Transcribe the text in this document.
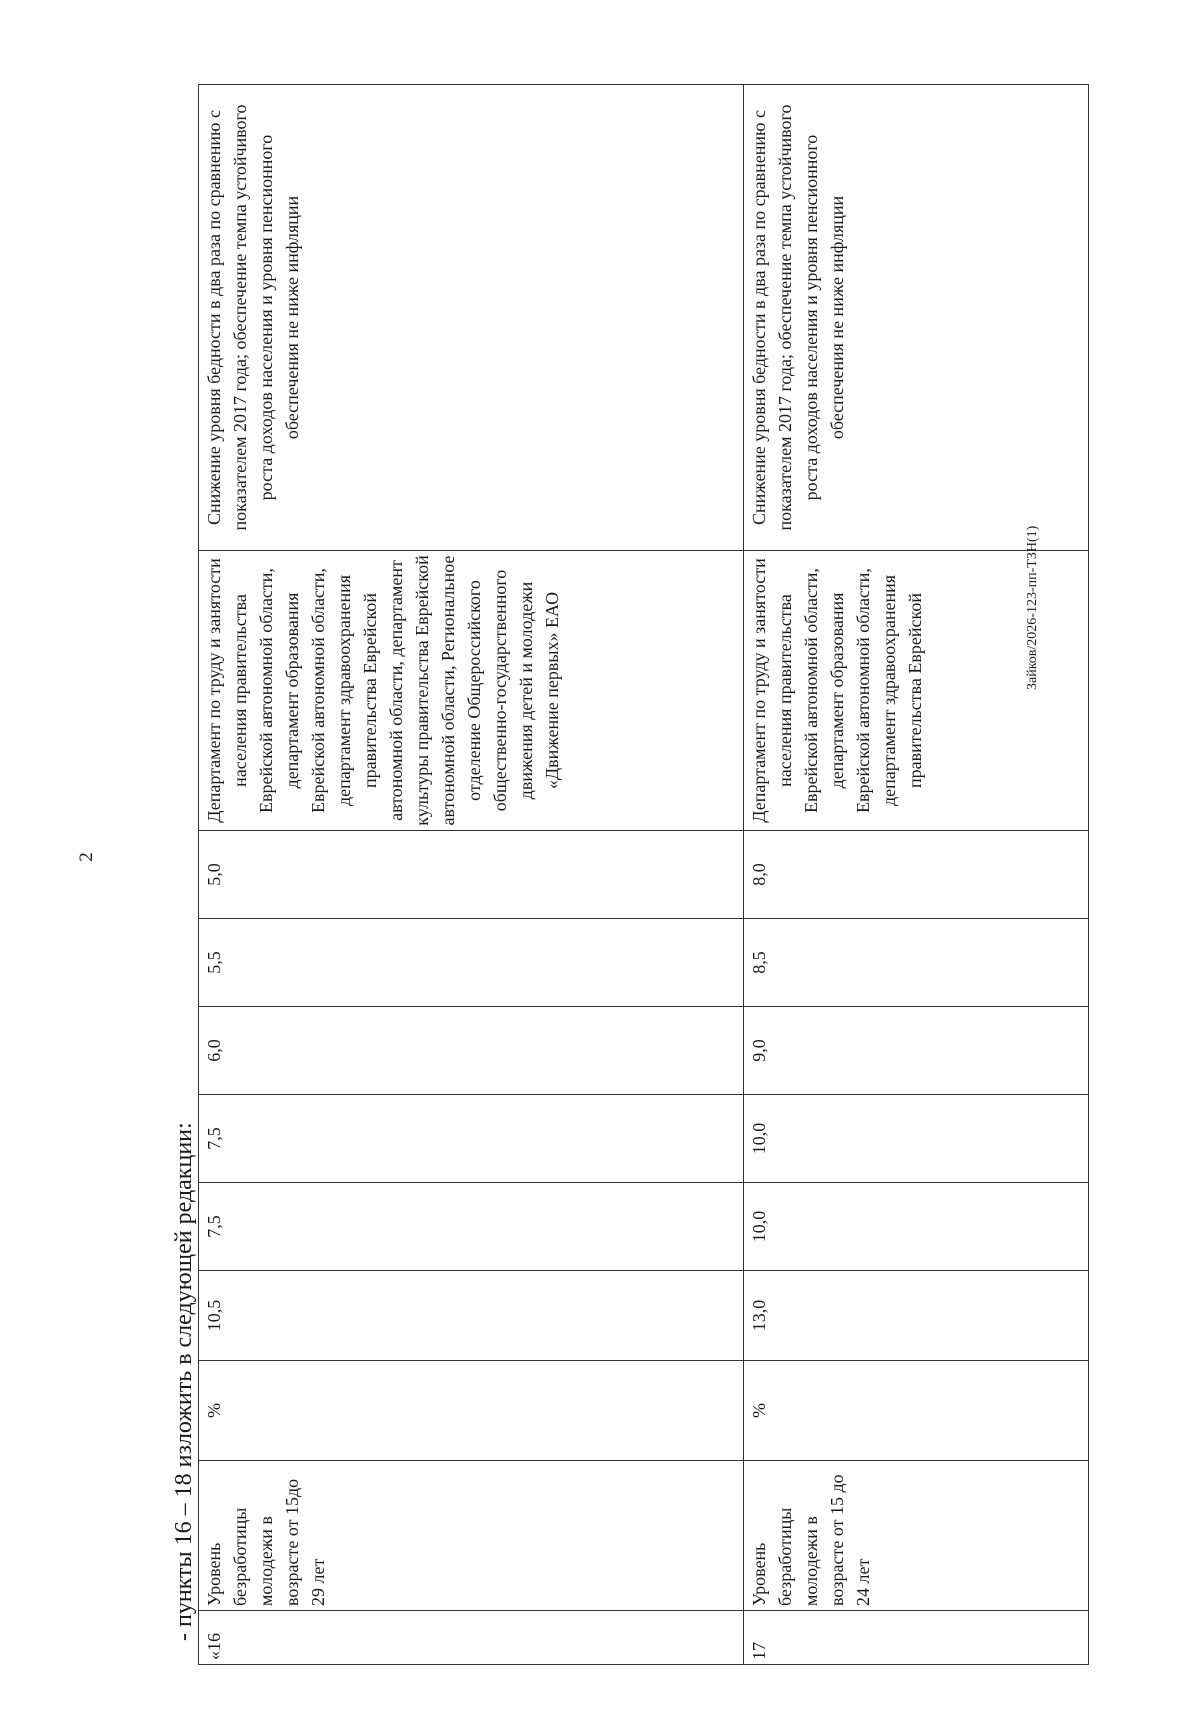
2
- пункты 16 – 18 изложить в следующей редакции:
«16	Уровень безработицы молодежи в возрасте от 15до 29 лет	%	10,5	7,5	7,5	6,0	5,5	5,0	Департамент по труду и занятости населения правительства Еврейской автономной области, департамент образования Еврейской автономной области, департамент здравоохранения правительства Еврейской автономной области, департамент культуры правительства Еврейской автономной области, Региональное отделение Общероссийского общественно-государственного движения детей и молодежи «Движение первых» ЕАО	Снижение уровня бедности в два раза по сравнению с показателем 2017 года; обеспечение темпа устойчивого роста доходов населения и уровня пенсионного обеспечения не ниже инфляции
17	Уровень безработицы молодежи в возрасте от 15 до 24 лет	%	13,0	10,0	10,0	9,0	8,5	8,0	Департамент по труду и занятости населения правительства Еврейской автономной области, департамент образования Еврейской автономной области, департамент здравоохранения правительства Еврейской	Снижение уровня бедности в два раза по сравнению с показателем 2017 года; обеспечение темпа устойчивого роста доходов населения и уровня пенсионного обеспечения не ниже инфляции
Зайков/2026-123-пп-ТЗН(1)
